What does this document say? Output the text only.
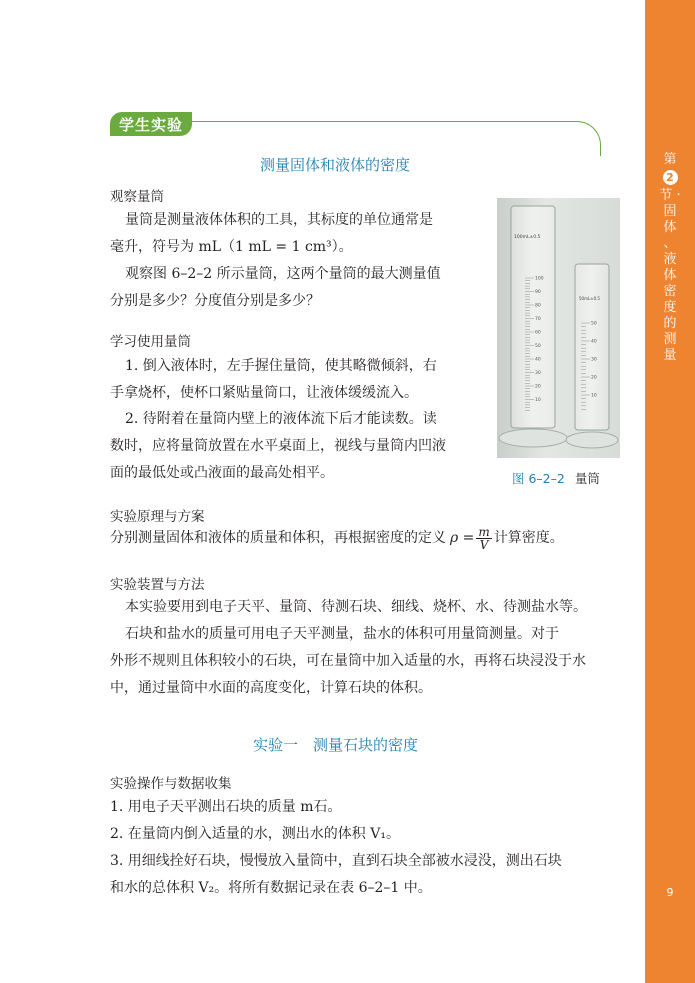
第
2
节 ·
固
体
、
液
体
密
度
的
测
量
9
学生实验
测量固体和液体的密度
观察量筒
量筒是测量液体体积的工具，其标度的单位通常是
毫升，符号为 mL（1 mL = 1 cm³）。
观察图 6–2–2 所示量筒，这两个量筒的最大测量值
分别是多少？分度值分别是多少？
学习使用量筒
1. 倒入液体时，左手握住量筒，使其略微倾斜，右
手拿烧杯，使杯口紧贴量筒口，让液体缓缓流入。
2. 待附着在量筒内壁上的液体流下后才能读数。读
数时，应将量筒放置在水平桌面上，视线与量筒内凹液
面的最低处或凸液面的最高处相平。
100
90
80
70
60
50
40
30
20
10
50
40
30
20
10
100mL±0.5
50mL±0.5
图 6–2–2 量筒
实验原理与方案
分别测量固体和液体的质量和体积，再根据密度的定义 $\rho = \frac{m}{V}$ 计算密度。
实验装置与方法
本实验要用到电子天平、量筒、待测石块、细线、烧杯、水、待测盐水等。
石块和盐水的质量可用电子天平测量，盐水的体积可用量筒测量。对于
外形不规则且体积较小的石块，可在量筒中加入适量的水，再将石块浸没于水
中，通过量筒中水面的高度变化，计算石块的体积。
实验一　测量石块的密度
实验操作与数据收集
1. 用电子天平测出石块的质量 m石。
2. 在量筒内倒入适量的水，测出水的体积 V₁。
3. 用细线拴好石块，慢慢放入量筒中，直到石块全部被水浸没，测出石块
和水的总体积 V₂。将所有数据记录在表 6–2–1 中。
